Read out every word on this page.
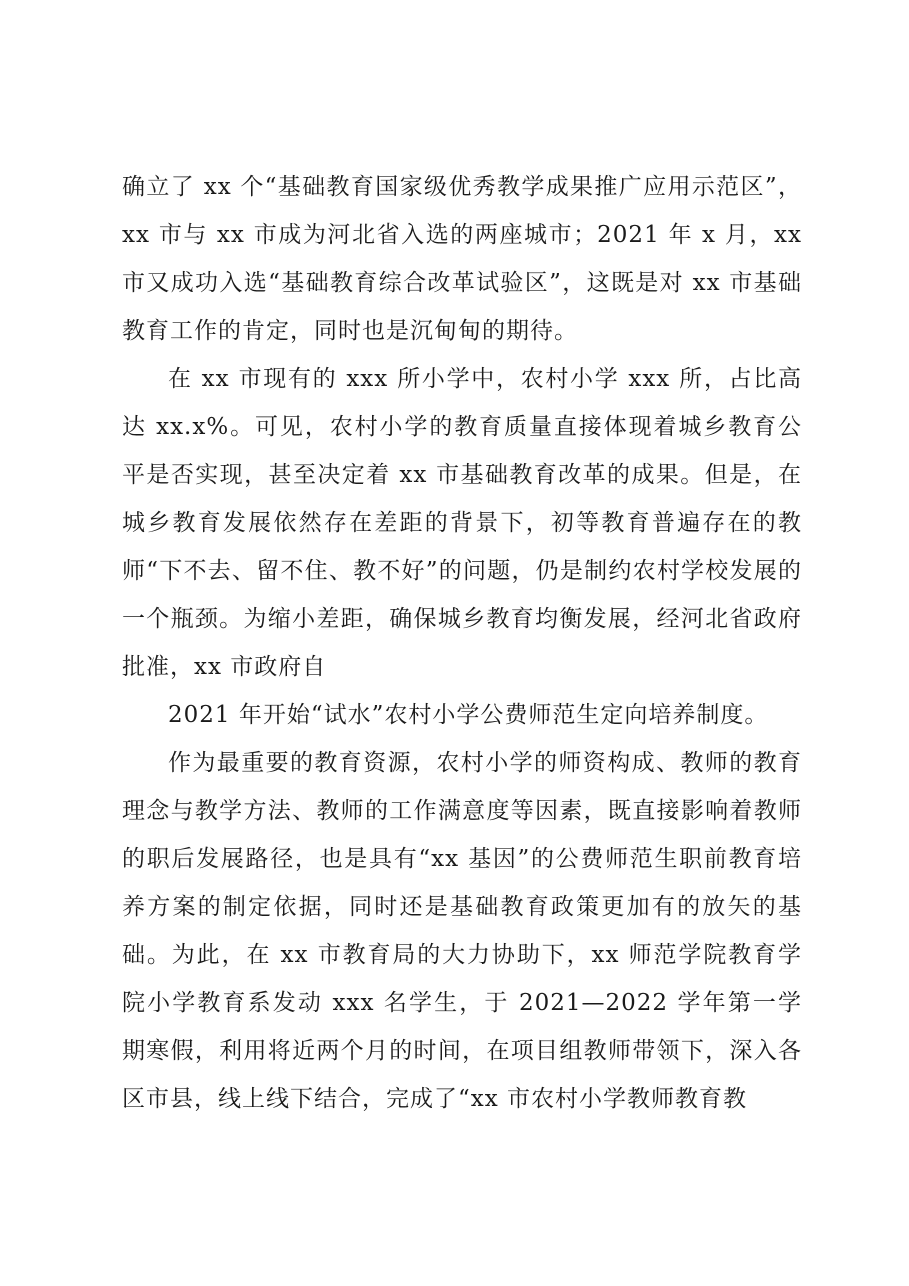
确立了 xx 个“基础教育国家级优秀教学成果推广应用示范区”，xx 市与 xx 市成为河北省入选的两座城市；2021 年 x 月，xx 市又成功入选“基础教育综合改革试验区”，这既是对 xx 市基础教育工作的肯定，同时也是沉甸甸的期待。

在 xx 市现有的 xxx 所小学中，农村小学 xxx 所，占比高达 xx.x%。可见，农村小学的教育质量直接体现着城乡教育公平是否实现，甚至决定着 xx 市基础教育改革的成果。但是，在城乡教育发展依然存在差距的背景下，初等教育普遍存在的教师“下不去、留不住、教不好”的问题，仍是制约农村学校发展的一个瓶颈。为缩小差距，确保城乡教育均衡发展，经河北省政府批准，xx 市政府自

2021 年开始“试水”农村小学公费师范生定向培养制度。

作为最重要的教育资源，农村小学的师资构成、教师的教育理念与教学方法、教师的工作满意度等因素，既直接影响着教师的职后发展路径，也是具有“xx 基因”的公费师范生职前教育培养方案的制定依据，同时还是基础教育政策更加有的放矢的基础。为此，在 xx 市教育局的大力协助下，xx 师范学院教育学院小学教育系发动 xxx 名学生，于 2021—2022 学年第一学期寒假，利用将近两个月的时间，在项目组教师带领下，深入各区市县，线上线下结合，完成了“xx 市农村小学教师教育教
